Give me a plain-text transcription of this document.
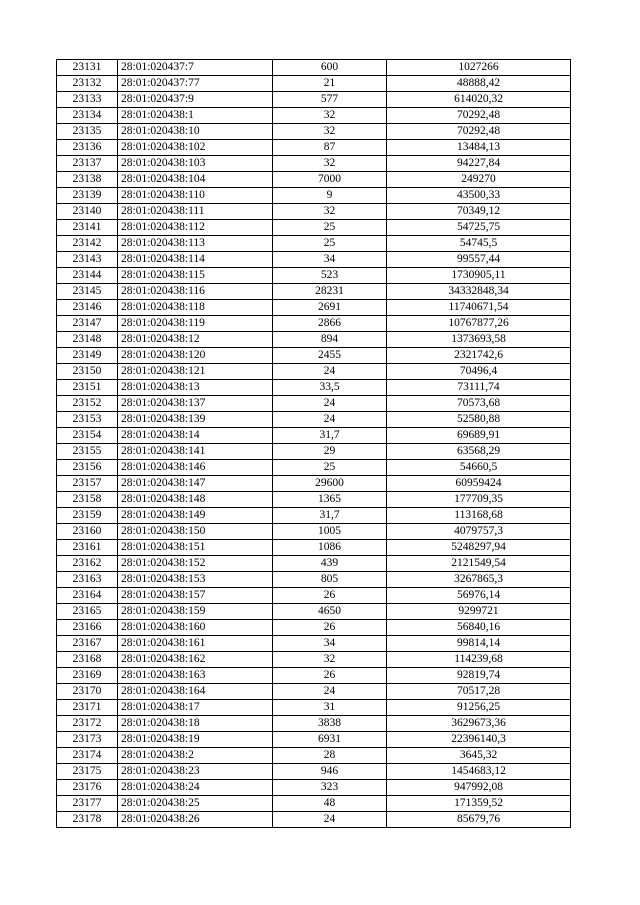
23131	28:01:020437:7	600	1027266
23132	28:01:020437:77	21	48888,42
23133	28:01:020437:9	577	614020,32
23134	28:01:020438:1	32	70292,48
23135	28:01:020438:10	32	70292,48
23136	28:01:020438:102	87	13484,13
23137	28:01:020438:103	32	94227,84
23138	28:01:020438:104	7000	249270
23139	28:01:020438:110	9	43500,33
23140	28:01:020438:111	32	70349,12
23141	28:01:020438:112	25	54725,75
23142	28:01:020438:113	25	54745,5
23143	28:01:020438:114	34	99557,44
23144	28:01:020438:115	523	1730905,11
23145	28:01:020438:116	28231	34332848,34
23146	28:01:020438:118	2691	11740671,54
23147	28:01:020438:119	2866	10767877,26
23148	28:01:020438:12	894	1373693,58
23149	28:01:020438:120	2455	2321742,6
23150	28:01:020438:121	24	70496,4
23151	28:01:020438:13	33,5	73111,74
23152	28:01:020438:137	24	70573,68
23153	28:01:020438:139	24	52580,88
23154	28:01:020438:14	31,7	69689,91
23155	28:01:020438:141	29	63568,29
23156	28:01:020438:146	25	54660,5
23157	28:01:020438:147	29600	60959424
23158	28:01:020438:148	1365	177709,35
23159	28:01:020438:149	31,7	113168,68
23160	28:01:020438:150	1005	4079757,3
23161	28:01:020438:151	1086	5248297,94
23162	28:01:020438:152	439	2121549,54
23163	28:01:020438:153	805	3267865,3
23164	28:01:020438:157	26	56976,14
23165	28:01:020438:159	4650	9299721
23166	28:01:020438:160	26	56840,16
23167	28:01:020438:161	34	99814,14
23168	28:01:020438:162	32	114239,68
23169	28:01:020438:163	26	92819,74
23170	28:01:020438:164	24	70517,28
23171	28:01:020438:17	31	91256,25
23172	28:01:020438:18	3838	3629673,36
23173	28:01:020438:19	6931	22396140,3
23174	28:01:020438:2	28	3645,32
23175	28:01:020438:23	946	1454683,12
23176	28:01:020438:24	323	947992,08
23177	28:01:020438:25	48	171359,52
23178	28:01:020438:26	24	85679,76
